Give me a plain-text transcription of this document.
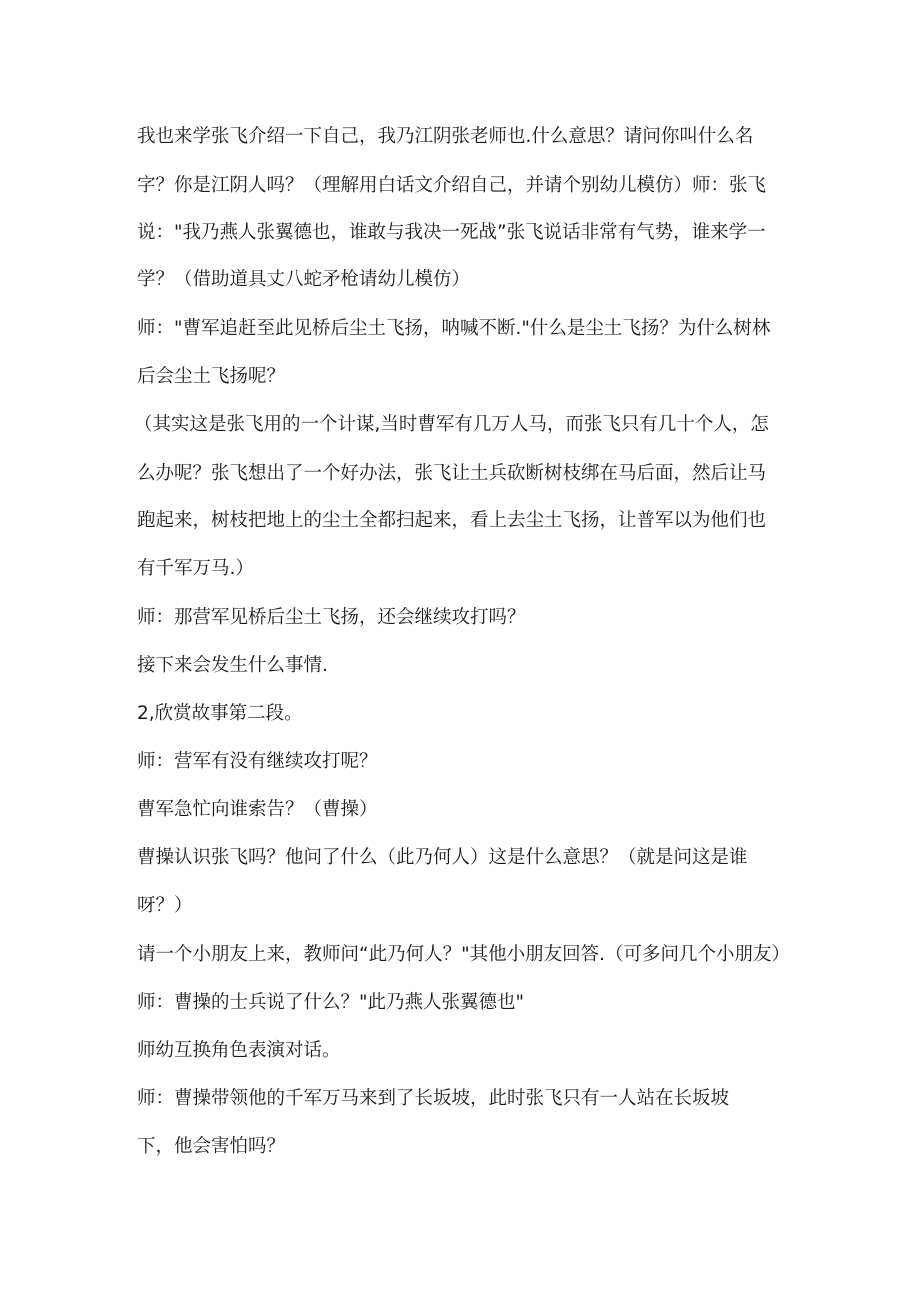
我也来学张飞介绍一下自己，我乃江阴张老师也.什么意思？请问你叫什么名
字？你是江阴人吗？（理解用白话文介绍自己，并请个别幼儿模仿）师：张飞
说："我乃燕人张翼德也，谁敢与我决一死战”张飞说话非常有气势，谁来学一
学？（借助道具丈八蛇矛枪请幼儿模仿）
师："曹军追赶至此见桥后尘土飞扬，呐喊不断."什么是尘土飞扬？为什么树林
后会尘土飞扬呢？
（其实这是张飞用的一个计谋,当时曹军有几万人马，而张飞只有几十个人，怎
么办呢？张飞想出了一个好办法，张飞让土兵砍断树枝绑在马后面，然后让马
跑起来，树枝把地上的尘土全都扫起来，看上去尘土飞扬，让普军以为他们也
有千军万马.）
师：那营军见桥后尘土飞扬，还会继续攻打吗？
接下来会发生什么事情.
2,欣赏故事第二段。
师：营军有没有继续攻打呢？
曹军急忙向谁索告？（曹操）
曹操认识张飞吗？他问了什么（此乃何人）这是什么意思？（就是问这是谁
呀？）
请一个小朋友上来，教师问“此乃何人？"其他小朋友回答.（可多问几个小朋友）
师：曹操的士兵说了什么？"此乃燕人张翼德也"
师幼互换角色表演对话。
师：曹操带领他的千军万马来到了长坂坡，此时张飞只有一人站在长坂坡
下，他会害怕吗？
